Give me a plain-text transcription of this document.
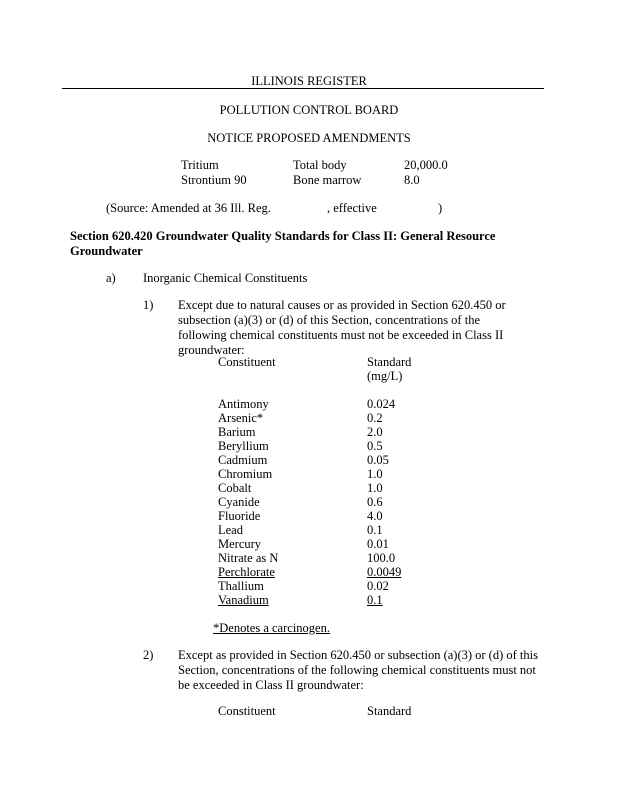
ILLINOIS REGISTER
POLLUTION CONTROL BOARD
NOTICE PROPOSED AMENDMENTS
Tritium	Total body	20,000.0
Strontium 90	Bone marrow	8.0
(Source: Amended at 36 Ill. Reg.	, effective	)
Section 620.420 Groundwater Quality Standards for Class II: General Resource Groundwater
a) Inorganic Chemical Constituents
1) Except due to natural causes or as provided in Section 620.450 or subsection (a)(3) or (d) of this Section, concentrations of the following chemical constituents must not be exceeded in Class II groundwater:
Constituent	Standard
(mg/L)
Antimony	0.024
Arsenic*	0.2
Barium	2.0
Beryllium	0.5
Cadmium	0.05
Chromium	1.0
Cobalt	1.0
Cyanide	0.6
Fluoride	4.0
Lead	0.1
Mercury	0.01
Nitrate as N	100.0
Perchlorate	0.0049
Thallium	0.02
Vanadium	0.1
*Denotes a carcinogen.
2) Except as provided in Section 620.450 or subsection (a)(3) or (d) of this Section, concentrations of the following chemical constituents must not be exceeded in Class II groundwater:
Constituent	Standard
